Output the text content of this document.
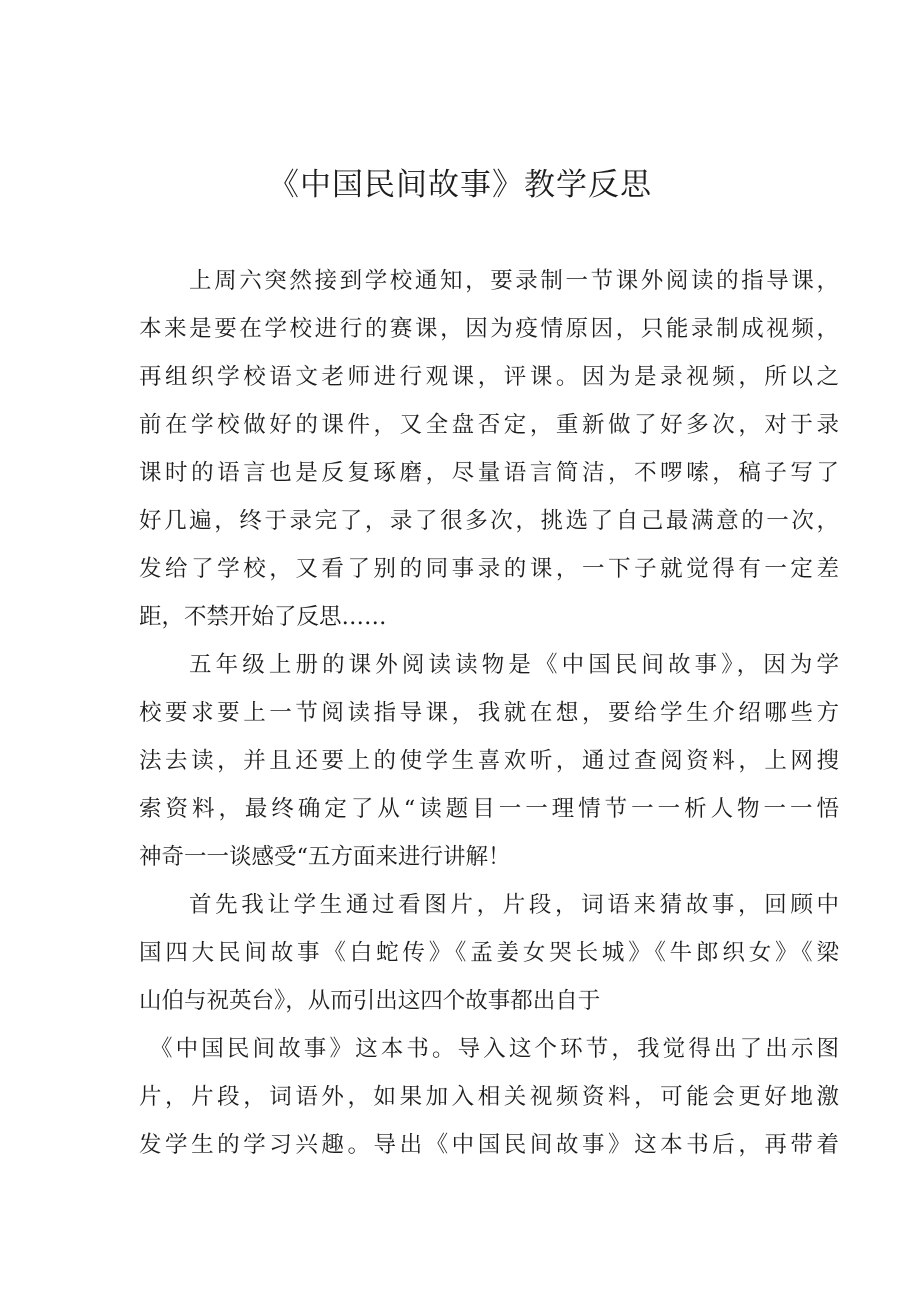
《中国民间故事》教学反思
上周六突然接到学校通知，要录制一节课外阅读的指导课，
本来是要在学校进行的赛课，因为疫情原因，只能录制成视频，
再组织学校语文老师进行观课，评课。因为是录视频，所以之
前在学校做好的课件，又全盘否定，重新做了好多次，对于录
课时的语言也是反复琢磨，尽量语言简洁，不啰嗦，稿子写了
好几遍，终于录完了，录了很多次，挑选了自己最满意的一次，
发给了学校，又看了别的同事录的课，一下子就觉得有一定差
距，不禁开始了反思……
五年级上册的课外阅读读物是《中国民间故事》，因为学
校要求要上一节阅读指导课，我就在想，要给学生介绍哪些方
法去读，并且还要上的使学生喜欢听，通过查阅资料，上网搜
索资料，最终确定了从“读题目一一理情节一一析人物一一悟
神奇一一谈感受“五方面来进行讲解！
首先我让学生通过看图片，片段，词语来猜故事，回顾中
国四大民间故事《白蛇传》《孟姜女哭长城》《牛郎织女》《梁
山伯与祝英台》，从而引出这四个故事都出自于
《中国民间故事》这本书。导入这个环节，我觉得出了出示图
片，片段，词语外，如果加入相关视频资料，可能会更好地激
发学生的学习兴趣。导出《中国民间故事》这本书后，再带着
